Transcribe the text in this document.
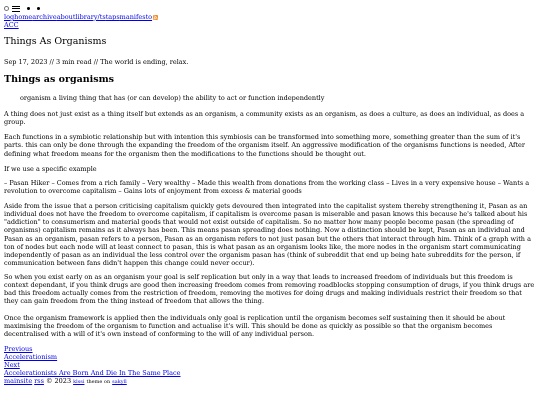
log home archive about library /ts taps manifesto
ACC
Things As Organisms
Sep 17, 2023 // 3 min read // The world is ending, relax.
Things as organisms
organism a living thing that has (or can develop) the ability to act or function independently

A thing does not just exist as a thing itself but extends as an organism, a community exists as an organism, as does a culture, as does an individual, as does a group.

Each functions in a symbiotic relationship but with intention this symbiosis can be transformed into something more, something greater than the sum of it's parts. this can only be done through the expanding the freedom of the organism itself. An aggressive modification of the organisms functions is needed, After defining what freedom means for the organism then the modifications to the functions should be thought out.

If we use a specific example

– Pasan Hiker – Comes from a rich family – Very wealthy – Made this wealth from donations from the working class – Lives in a very expensive house – Wants a revolution to overcome capitalism – Gains lots of enjoyment from excess & material goods

Aside from the issue that a person criticising capitalism quickly gets devoured then integrated into the capitalist system thereby strengthening it, Pasan as an individual does not have the freedom to overcome capitalism, if capitalism is overcome pasan is miserable and pasan knows this because he's talked about his "addiction" to consumerism and material goods that would not exist outside of capitalism. So no matter how many people become pasan (the spreading of organisms) capitalism remains as it always has been. This means pasan spreading does nothing. Now a distinction should be kept, Pasan as an individual and Pasan as an organism, pasan refers to a person, Pasan as an organism refers to not just pasan but the others that interact through him. Think of a graph with a ton of nodes but each node will at least connect to pasan, this is what pasan as an organism looks like, the more nodes in the organism start communicating independently of pasan as an individual the less control over the organism pasan has (think of subreddit that end up being hate subreddits for the person, if communication between fans didn't happen this change could never occur).

So when you exist early on as an organism your goal is self replication but only in a way that leads to increased freedom of individuals but this freedom is context dependant, if you think drugs are good then increasing freedom comes from removing roadblocks stopping consumption of drugs, if you think drugs are bad this freedom actually comes from the restriction of freedom, removing the motives for doing drugs and making individuals restrict their freedom so that they can gain freedom from the thing instead of freedom that allows the thing.

Once the organism framework is applied then the individuals only goal is replication until the organism becomes self sustaining then it should be about maximising the freedom of the organism to function and actualise it's will. This should be done as quickly as possible so that the organism becomes decentralised with a will of it's own instead of conforming to the will of any individual person.

Previous
Accelerationism
Next
Accelerationists Are Born And Die In The Same Place
mainsite rss © 2023 klssi theme on sakyll
